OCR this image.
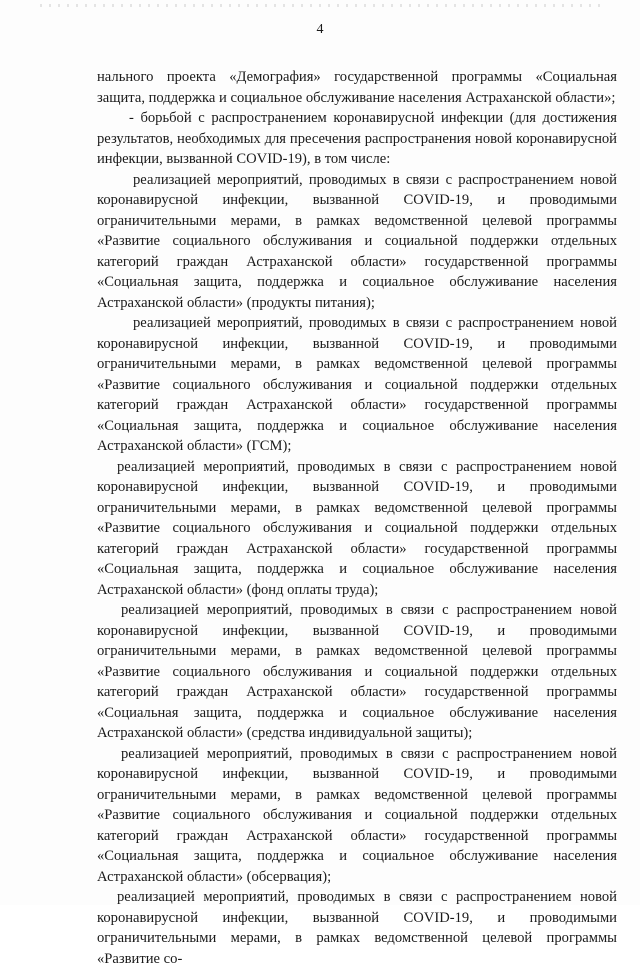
4

нального проекта «Демография» государственной программы «Социальная защита, поддержка и социальное обслуживание населения Астраханской области»;

- борьбой с распространением коронавирусной инфекции (для достижения результатов, необходимых для пресечения распространения новой коронавирусной инфекции, вызванной COVID-19), в том числе:

реализацией мероприятий, проводимых в связи с распространением новой коронавирусной инфекции, вызванной COVID-19, и проводимыми ограничительными мерами, в рамках ведомственной целевой программы «Развитие социального обслуживания и социальной поддержки отдельных категорий граждан Астраханской области» государственной программы «Социальная защита, поддержка и социальное обслуживание населения Астраханской области» (продукты питания);

реализацией мероприятий, проводимых в связи с распространением новой коронавирусной инфекции, вызванной COVID-19, и проводимыми ограничительными мерами, в рамках ведомственной целевой программы «Развитие социального обслуживания и социальной поддержки отдельных категорий граждан Астраханской области» государственной программы «Социальная защита, поддержка и социальное обслуживание населения Астраханской области» (ГСМ);

реализацией мероприятий, проводимых в связи с распространением новой коронавирусной инфекции, вызванной COVID-19, и проводимыми ограничительными мерами, в рамках ведомственной целевой программы «Развитие социального обслуживания и социальной поддержки отдельных категорий граждан Астраханской области» государственной программы «Социальная защита, поддержка и социальное обслуживание населения Астраханской области» (фонд оплаты труда);

реализацией мероприятий, проводимых в связи с распространением новой коронавирусной инфекции, вызванной COVID-19, и проводимыми ограничительными мерами, в рамках ведомственной целевой программы «Развитие социального обслуживания и социальной поддержки отдельных категорий граждан Астраханской области» государственной программы «Социальная защита, поддержка и социальное обслуживание населения Астраханской области» (средства индивидуальной защиты);

реализацией мероприятий, проводимых в связи с распространением новой коронавирусной инфекции, вызванной COVID-19, и проводимыми ограничительными мерами, в рамках ведомственной целевой программы «Развитие социального обслуживания и социальной поддержки отдельных категорий граждан Астраханской области» государственной программы «Социальная защита, поддержка и социальное обслуживание населения Астраханской области» (обсервация);

реализацией мероприятий, проводимых в связи с распространением новой коронавирусной инфекции, вызванной COVID-19, и проводимыми ограничительными мерами, в рамках ведомственной целевой программы «Развитие со-
